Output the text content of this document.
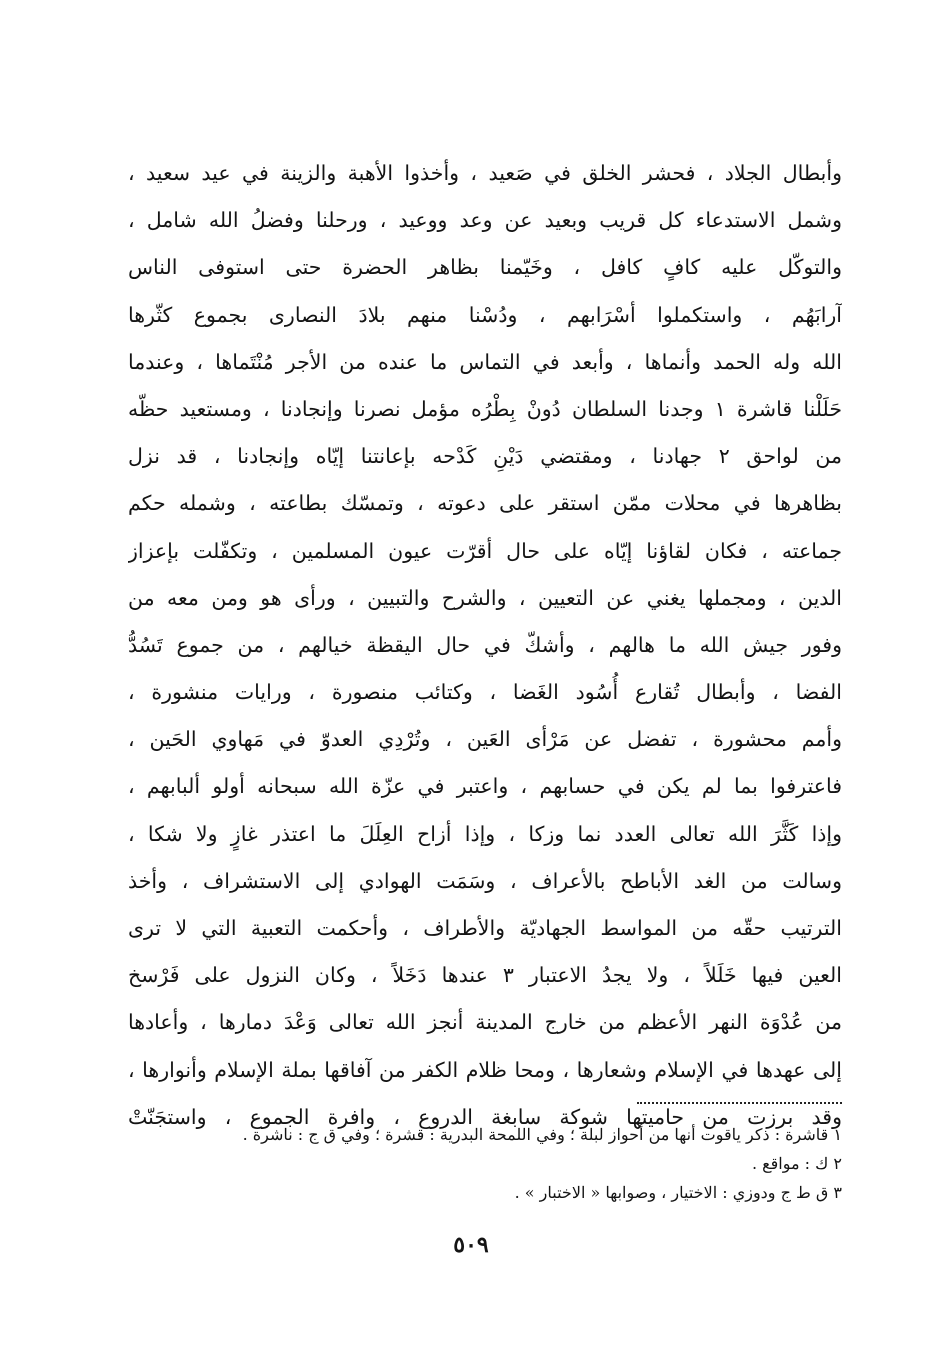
وأبطال الجلاد ، فحشر الخلق في صَعيد ، وأخذوا الأهبة والزينة في عيد سعيد ،
وشمل الاستدعاء كل قريب وبعيد عن وعد ووعيد ، ورحلنا وفضلُ الله شامل ،
والتوكّل عليه كافٍ كافل ، وخَيّمنا بظاهر الحضرة حتى استوفى الناس
آرابَهُم ، واستكملوا أسْرَابهم ، ودُسْنا منهم بلادَ النصارى بجموع كثّرها
الله وله الحمد وأنماها ، وأبعد في التماس ما عنده من الأجر مُنْتَماها ، وعندما
حَلَلْنا قاشرة ١ وجدنا السلطان دُونْ بِطْرُه مؤمل نصرنا وإنجادنا ، ومستعيد حظّه
من لواحق ٢ جهادنا ، ومقتضي دَيْنِ كَدْحه بإعانتنا إيّاه وإنجادنا ، قد نزل
بظاهرها في محلات ممّن استقر على دعوته ، وتمسّك بطاعته ، وشمله حكم
جماعته ، فكان لقاؤنا إيّاه على حال أقرّت عيون المسلمين ، وتكفّلت بإعزاز
الدين ، ومجملها يغني عن التعيين ، والشرح والتبيين ، ورأى هو ومن معه من
وفور جيش الله ما هالهم ، وأشكّ في حال اليقظة خيالهم ، من جموع تَسُدُّ
الفضا ، وأبطال تُقارع أُسُود الغَضا ، وكتائب منصورة ، ورايات منشورة ،
وأمم محشورة ، تفضل عن مَرْأى العَين ، وتُرْدِي العدوّ في مَهاوي الحَين ،
فاعترفوا بما لم يكن في حسابهم ، واعتبر في عزّة الله سبحانه أولو ألبابهم ،
وإذا كَثَّرَ الله تعالى العدد نما وزكا ، وإذا أزاح العِلَلَ ما اعتذر غازٍ ولا شكا ،
وسالت من الغد الأباطح بالأعراف ، وسَمَت الهوادي إلى الاستشراف ، وأخذ
الترتيب حقّه من المواسط الجهاديّة والأطراف ، وأحكمت التعبية التي لا ترى
العين فيها خَلَلاً ، ولا يجدُ الاعتبار ٣ عندها دَخَلاً ، وكان النزول على فَرْسخ
من عُدْوَة النهر الأعظم من خارج المدينة أنجز الله تعالى وَعْدَ دمارها ، وأعادها
إلى عهدها في الإسلام وشعارها ، ومحا ظلام الكفر من آفاقها بملة الإسلام وأنوارها ،
وقد برزت من حاميتها شوكة سابغة الدروع ، وافرة الجموع ، واستجَنّتْ
١ قاشرة : ذكر ياقوت أنها من أحواز لبلة ؛ وفي اللمحة البدرية : قشرة ؛ وفي ق ج : ناشرة .
٢ ك : مواقع .
٣ ق ط ج ودوزي : الاختيار ، وصوابها « الاختبار » .
٥٠٩
